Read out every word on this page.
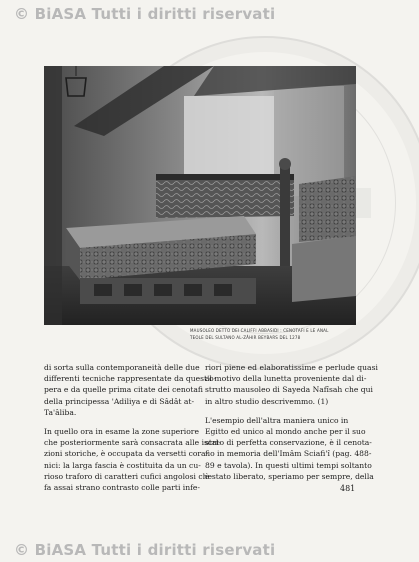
© BiASA Tutti i diritti riservati
MAUSOLEO DETTO DEI CALIFFI ABBASIDI : CENOTAFI E LE ANAL
TEOLE DEL SULTANO AL-ZÂHIR BEYBARS DEL 1278
di sorta sulla contemporaneità delle due
differenti tecniche rappresentate da quest'o-
pera e da quelle prima citate dei cenotafi
della principessa 'Adiliya e di Sâdât at-
Ta'âliba.
In quello ora in esame la zone superiore
che posteriormente sarà consacrata alle iscri-
zioni storiche, è occupata da versetti cora-
nici: la larga fascia è costituita da un cu-
rioso traforo di caratteri cufici angolosi che
fa assai strano contrasto colle parti infe-
riori piene ed elaboratissime e perlude quasi
al motivo della lunetta proveniente dal di-
strutto mausoleo di Sayeda Nafîsah che qui
in altro studio descrivemmo. (1)
L'esempio dell'altra maniera unico in
Egitto ed unico al mondo anche per il suo
stato di perfetta conservazione, è il cenota-
fio in memoria dell'Imâm Sciafi'î (pag. 488-
89 e tavola). In questi ultimi tempi soltanto
è stato liberato, speriamo per sempre, della
481
© BiASA Tutti i diritti riservati
